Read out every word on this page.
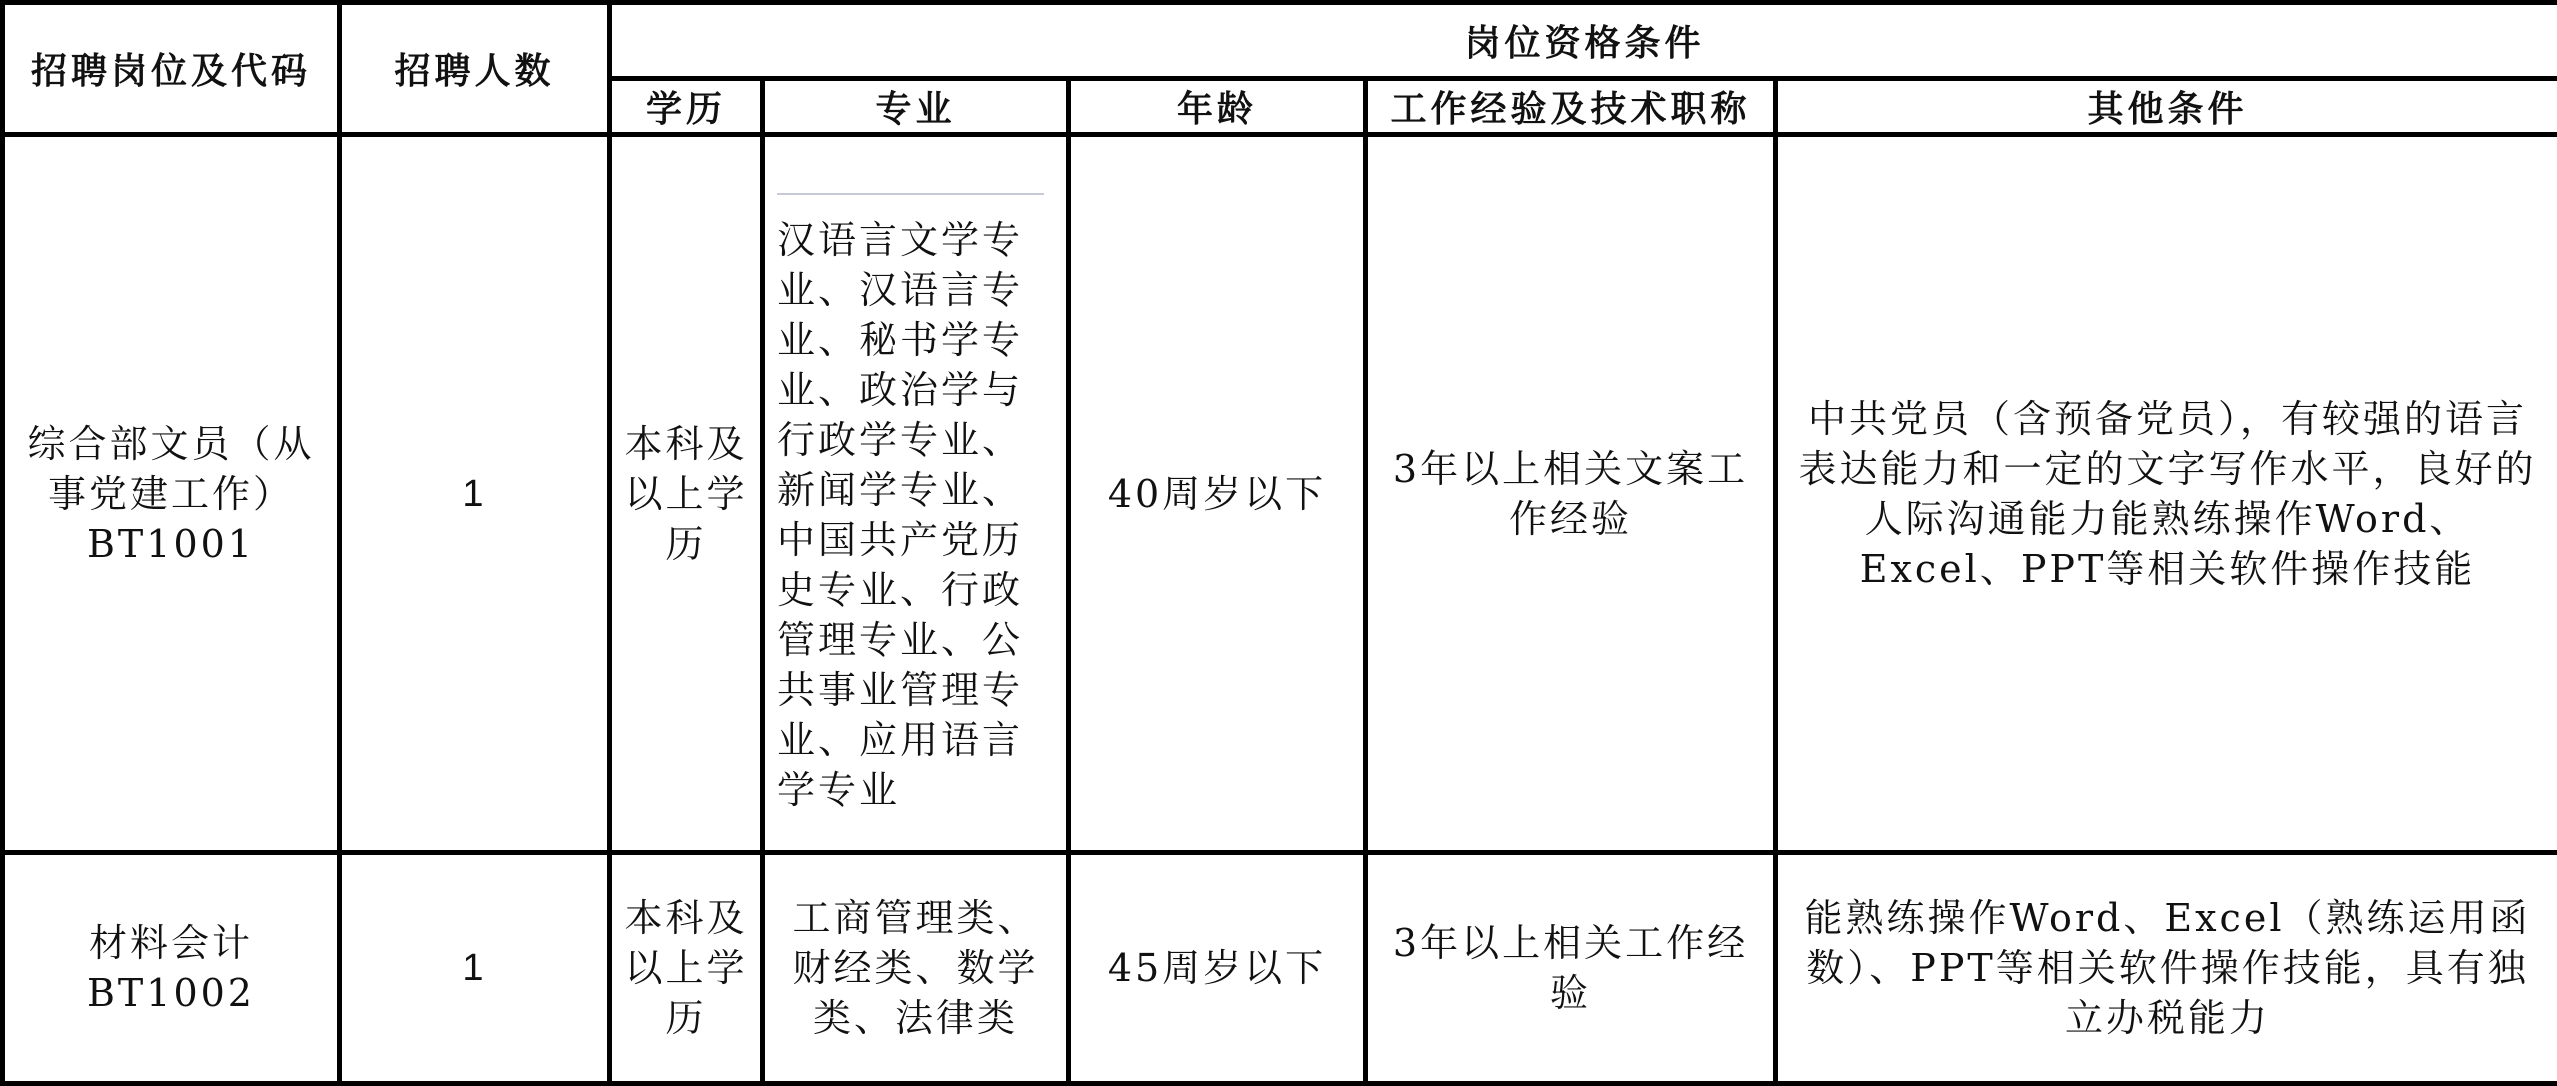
招聘岗位及代码	招聘人数	岗位资格条件				
		学历	专业	年龄	工作经验及技术职称	其他条件
综合部文员（从事党建工作）BT1001	1	本科及以上学历	汉语言文学专业、汉语言专业、秘书学专业、政治学与行政学专业、新闻学专业、中国共产党历史专业、行政管理专业、公共事业管理专业、应用语言学专业	40周岁以下	3年以上相关文案工作经验	中共党员（含预备党员），有较强的语言表达能力和一定的文字写作水平，良好的人际沟通能力能熟练操作Word、Excel、PPT等相关软件操作技能
材料会计BT1002	1	本科及以上学历	工商管理类、财经类、数学类、法律类	45周岁以下	3年以上相关工作经验	能熟练操作Word、Excel（熟练运用函数）、PPT等相关软件操作技能，具有独立办税能力
